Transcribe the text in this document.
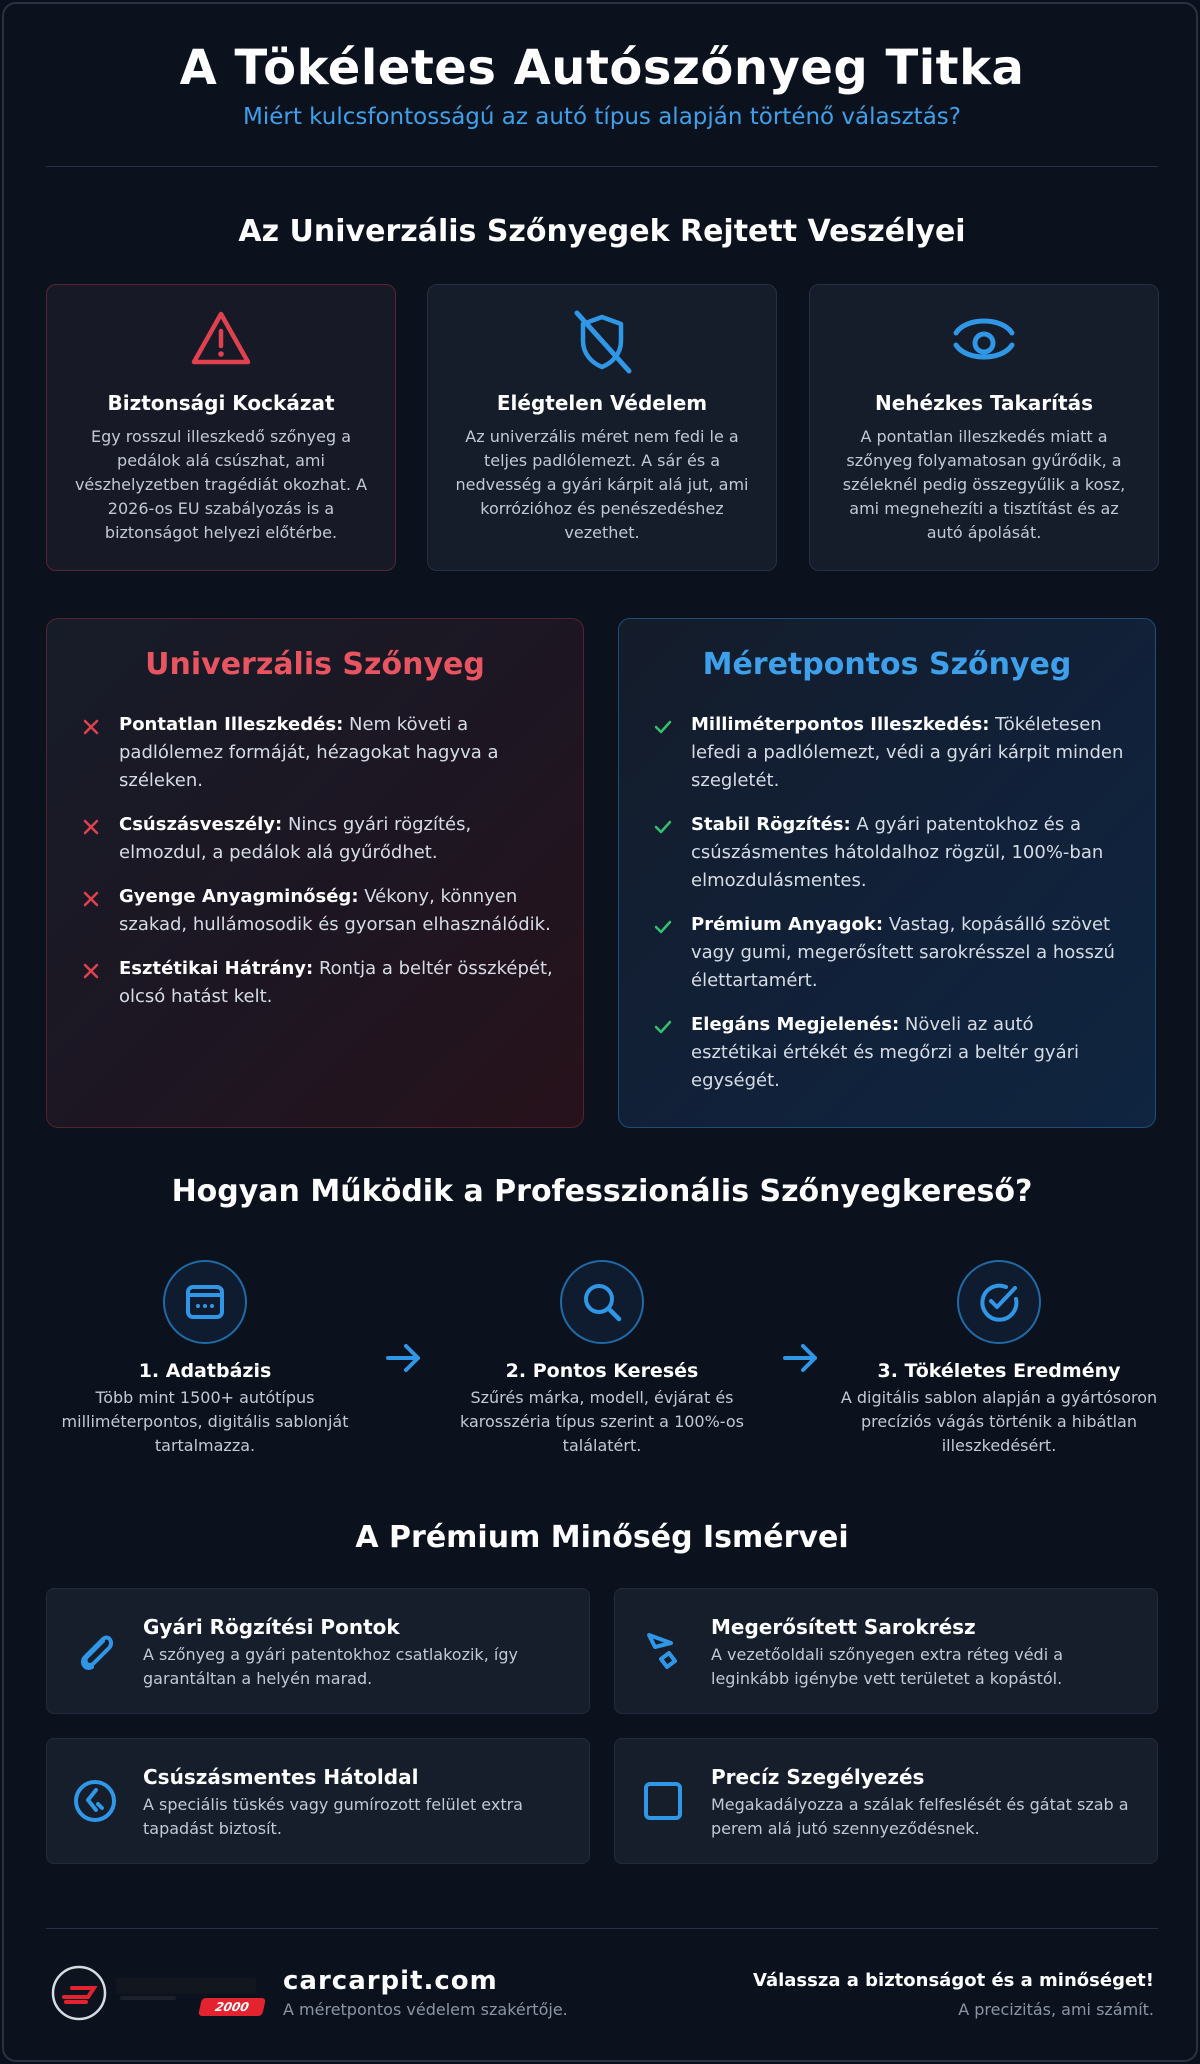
A Tökéletes Autószőnyeg Titka
Miért kulcsfontosságú az autó típus alapján történő választás?
Az Univerzális Szőnyegek Rejtett Veszélyei
Biztonsági Kockázat
Egy rosszul illeszkedő szőnyeg a pedálok alá csúszhat, ami vészhelyzetben tragédiát okozhat. A 2026-os EU szabályozás is a biztonságot helyezi előtérbe.
Elégtelen Védelem
Az univerzális méret nem fedi le a teljes padlólemezt. A sár és a nedvesség a gyári kárpit alá jut, ami korrózióhoz és penészedéshez vezethet.
Nehézkes Takarítás
A pontatlan illeszkedés miatt a szőnyeg folyamatosan gyűrődik, a széleknél pedig összegyűlik a kosz, ami megnehezíti a tisztítást és az autó ápolását.
Univerzális Szőnyeg
Pontatlan Illeszkedés: Nem követi a padlólemez formáját, hézagokat hagyva a széleken.
Csúszásveszély: Nincs gyári rögzítés, elmozdul, a pedálok alá gyűrődhet.
Gyenge Anyagminőség: Vékony, könnyen szakad, hullámosodik és gyorsan elhasználódik.
Esztétikai Hátrány: Rontja a beltér összképét, olcsó hatást kelt.
Méretpontos Szőnyeg
Milliméterpontos Illeszkedés: Tökéletesen lefedi a padlólemezt, védi a gyári kárpit minden szegletét.
Stabil Rögzítés: A gyári patentokhoz és a csúszásmentes hátoldalhoz rögzül, 100%-ban elmozdulásmentes.
Prémium Anyagok: Vastag, kopásálló szövet vagy gumi, megerősített sarokrésszel a hosszú élettartamért.
Elegáns Megjelenés: Növeli az autó esztétikai értékét és megőrzi a beltér gyári egységét.
Hogyan Működik a Professzionális Szőnyegkereső?
1. Adatbázis
Több mint 1500+ autótípus milliméterpontos, digitális sablonját tartalmazza.
2. Pontos Keresés
Szűrés márka, modell, évjárat és karosszéria típus szerint a 100%-os találatért.
3. Tökéletes Eredmény
A digitális sablon alapján a gyártósoron precíziós vágás történik a hibátlan illeszkedésért.
A Prémium Minőség Ismérvei
Gyári Rögzítési Pontok
A szőnyeg a gyári patentokhoz csatlakozik, így garantáltan a helyén marad.
Megerősített Sarokrész
A vezetőoldali szőnyegen extra réteg védi a leginkább igénybe vett területet a kopástól.
Csúszásmentes Hátoldal
A speciális tüskés vagy gumírozott felület extra tapadást biztosít.
Precíz Szegélyezés
Megakadályozza a szálak felfeslését és gátat szab a perem alá jutó szennyeződésnek.
2000
carcarpit.com
A méretpontos védelem szakértője.
Válassza a biztonságot és a minőséget!
A precizitás, ami számít.
